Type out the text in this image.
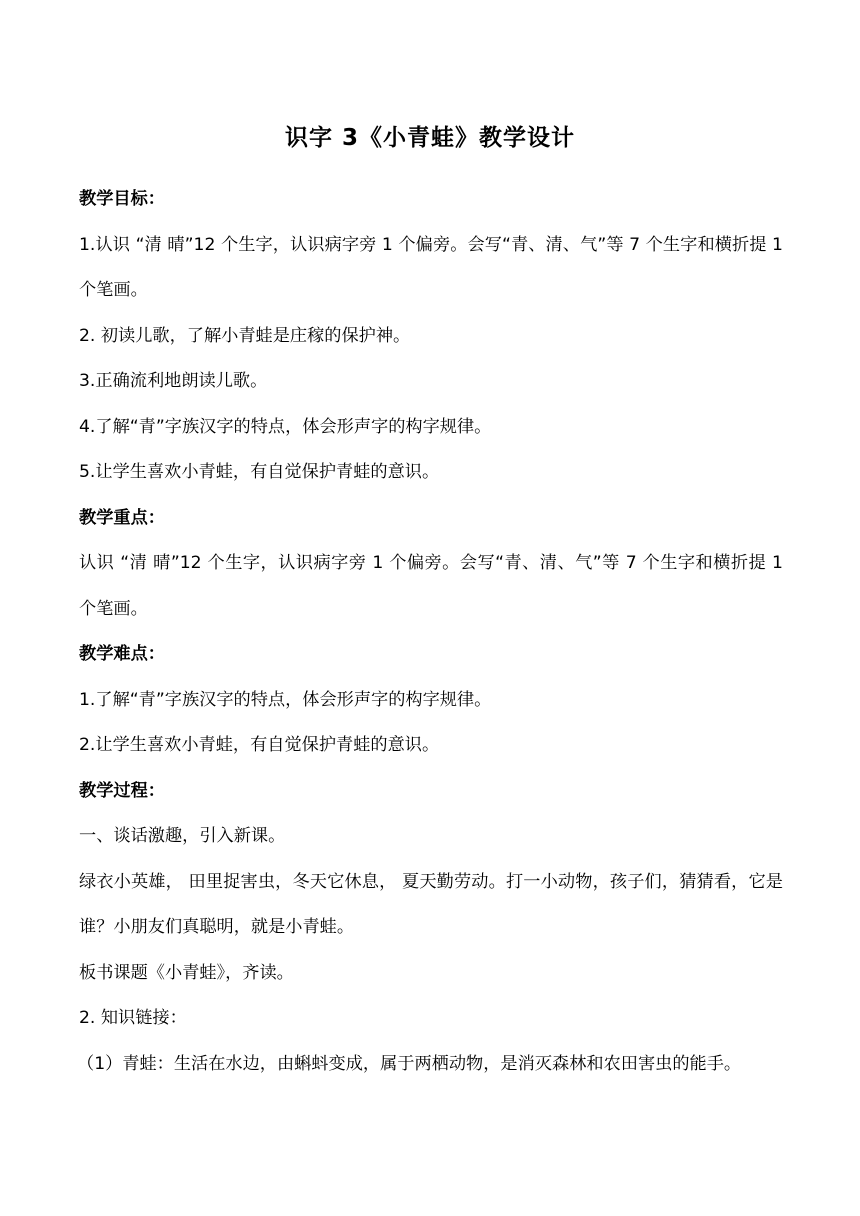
识字 3《小青蛙》教学设计

教学目标：

1.认识 “清 晴”12 个生字，认识病字旁 1 个偏旁。会写“青、清、气”等 7 个生字和横折提 1 个笔画。

2. 初读儿歌，了解小青蛙是庄稼的保护神。

3.正确流利地朗读儿歌。

4.了解“青”字族汉字的特点，体会形声字的构字规律。

5.让学生喜欢小青蛙，有自觉保护青蛙的意识。

教学重点：

认识 “清 晴”12 个生字，认识病字旁 1 个偏旁。会写“青、清、气”等 7 个生字和横折提 1 个笔画。

教学难点：

1.了解“青”字族汉字的特点，体会形声字的构字规律。

2.让学生喜欢小青蛙，有自觉保护青蛙的意识。

教学过程：

一、谈话激趣，引入新课。

绿衣小英雄， 田里捉害虫，冬天它休息， 夏天勤劳动。打一小动物，孩子们，猜猜看，它是谁？小朋友们真聪明，就是小青蛙。

板书课题《小青蛙》，齐读。

2. 知识链接：

（1）青蛙：生活在水边，由蝌蚪变成，属于两栖动物，是消灭森林和农田害虫的能手。
